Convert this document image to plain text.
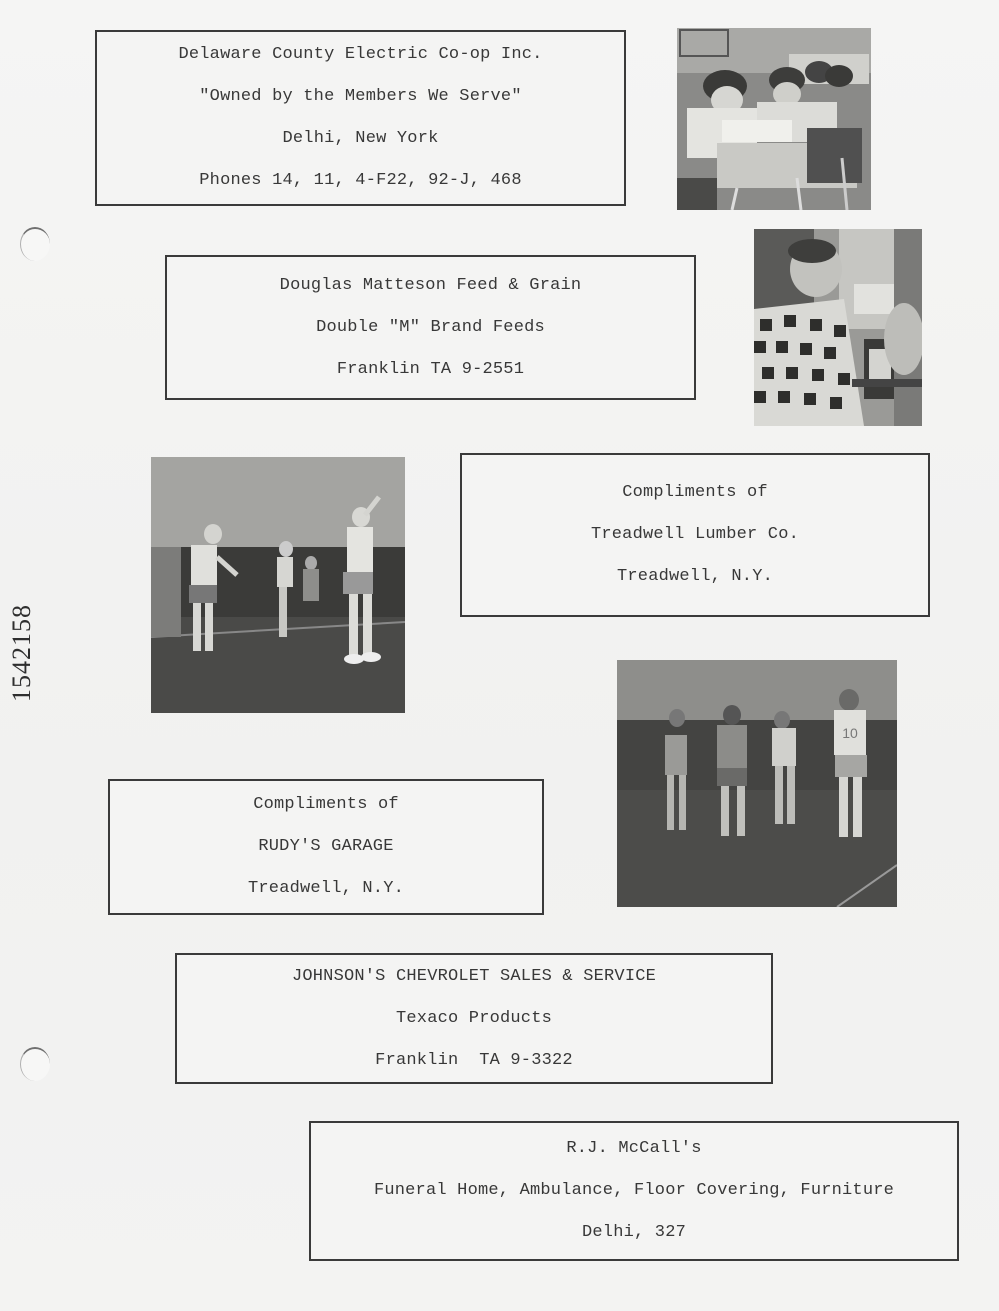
1542158
Delaware County Electric Co-op Inc.
"Owned by the Members We Serve"
Delhi, New York
Phones 14, 11, 4-F22, 92-J, 468
Douglas Matteson Feed & Grain
Double "M" Brand Feeds
Franklin TA 9-2551
Compliments of
Treadwell Lumber Co.
Treadwell, N.Y.
10
Compliments of
RUDY'S GARAGE
Treadwell, N.Y.
JOHNSON'S CHEVROLET SALES & SERVICE
Texaco Products
Franklin  TA 9-3322
R.J. McCall's
Funeral Home, Ambulance, Floor Covering, Furniture
Delhi, 327
